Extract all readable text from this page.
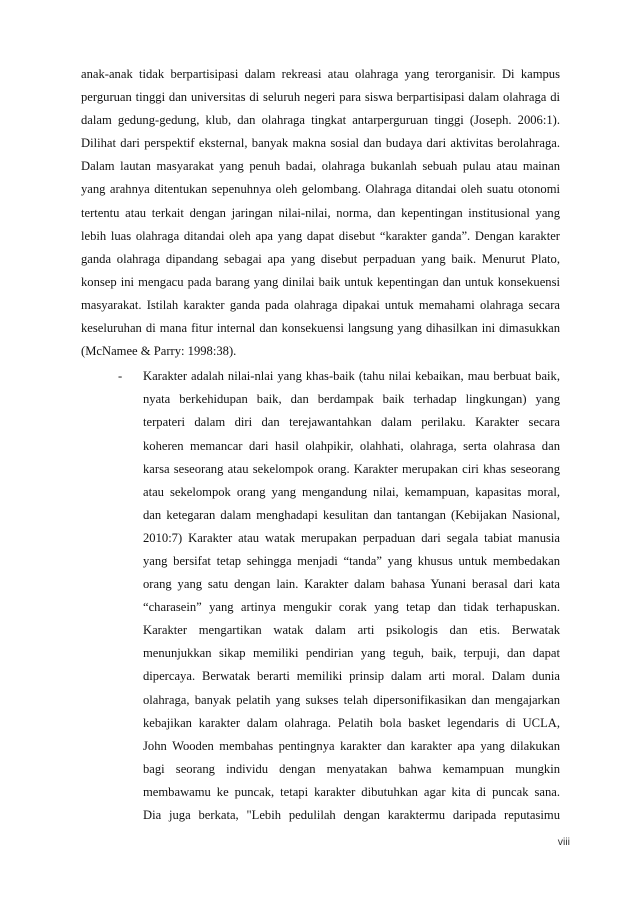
anak-anak tidak berpartisipasi dalam rekreasi atau olahraga yang terorganisir. Di kampus
perguruan tinggi dan universitas di seluruh negeri para siswa berpartisipasi dalam olahraga di
dalam gedung-gedung, klub, dan olahraga tingkat antarperguruan tinggi (Joseph. 2006:1).
Dilihat dari perspektif eksternal, banyak makna sosial dan budaya dari aktivitas berolahraga.
Dalam lautan masyarakat yang penuh badai, olahraga bukanlah sebuah pulau atau mainan
yang arahnya ditentukan sepenuhnya oleh gelombang. Olahraga ditandai oleh suatu otonomi
tertentu atau terkait dengan jaringan nilai-nilai, norma, dan kepentingan institusional yang
lebih luas olahraga ditandai oleh apa yang dapat disebut “karakter ganda”. Dengan karakter
ganda olahraga dipandang sebagai apa yang disebut perpaduan yang baik. Menurut Plato,
konsep ini mengacu pada barang yang dinilai baik untuk kepentingan dan untuk konsekuensi
masyarakat. Istilah karakter ganda pada olahraga dipakai untuk memahami olahraga secara
keseluruhan di mana fitur internal dan konsekuensi langsung yang dihasilkan ini dimasukkan
(McNamee & Parry: 1998:38).
- Karakter adalah nilai-nlai yang khas-baik (tahu nilai kebaikan, mau berbuat baik,
nyata berkehidupan baik, dan berdampak baik terhadap lingkungan) yang
terpateri dalam diri dan terejawantahkan dalam perilaku. Karakter secara
koheren memancar dari hasil olahpikir, olahhati, olahraga, serta olahrasa dan
karsa seseorang atau sekelompok orang. Karakter merupakan ciri khas seseorang
atau sekelompok orang yang mengandung nilai, kemampuan, kapasitas moral,
dan ketegaran dalam menghadapi kesulitan dan tantangan (Kebijakan Nasional,
2010:7) Karakter atau watak merupakan perpaduan dari segala tabiat manusia
yang bersifat tetap sehingga menjadi “tanda” yang khusus untuk membedakan
orang yang satu dengan lain. Karakter dalam bahasa Yunani berasal dari kata
“charasein” yang artinya mengukir corak yang tetap dan tidak terhapuskan.
Karakter mengartikan watak dalam arti psikologis dan etis. Berwatak
menunjukkan sikap memiliki pendirian yang teguh, baik, terpuji, dan dapat
dipercaya. Berwatak berarti memiliki prinsip dalam arti moral. Dalam dunia
olahraga, banyak pelatih yang sukses telah dipersonifikasikan dan mengajarkan
kebajikan karakter dalam olahraga. Pelatih bola basket legendaris di UCLA,
John Wooden membahas pentingnya karakter dan karakter apa yang dilakukan
bagi seorang individu dengan menyatakan bahwa kemampuan mungkin
membawamu ke puncak, tetapi karakter dibutuhkan agar kita di puncak sana.
Dia juga berkata, "Lebih pedulilah dengan karaktermu daripada reputasimu
viii
